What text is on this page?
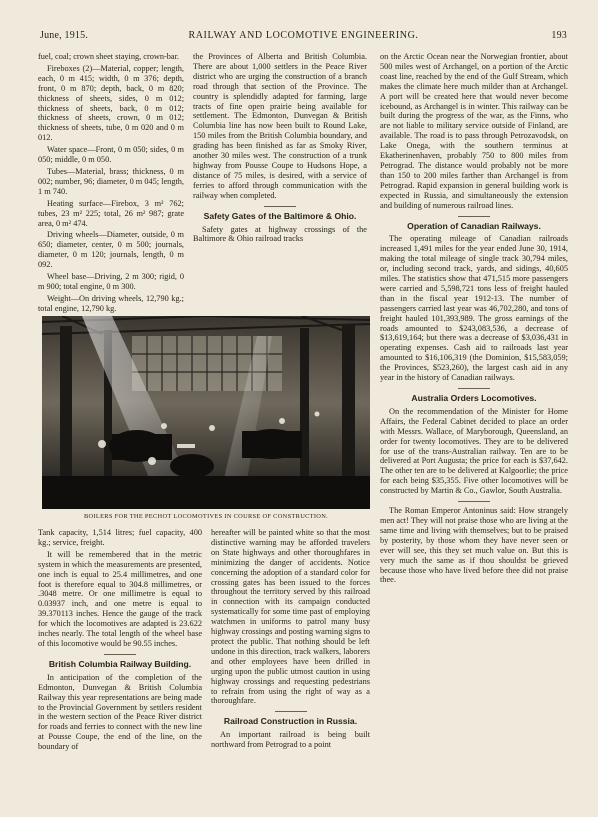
June, 1915.	RAILWAY AND LOCOMOTIVE ENGINEERING.	193

fuel, coal; crown sheet staying, crown-bar.

Fireboxes (2)—Material, copper; length, each, 0 m 415; width, 0 m 376; depth, front, 0 m 870; depth, back, 0 m 820; thickness of sheets, sides, 0 m 012; thickness of sheets, back, 0 m 012; thickness of sheets, crown, 0 m 012; thickness of sheets, tube, 0 m 020 and 0 m 012.

Water space—Front, 0 m 050; sides, 0 m 050; middle, 0 m 050.

Tubes—Material, brass; thickness, 0 m 002; number, 96; diameter, 0 m 045; length, 1 m 740.

Heating surface—Firebox, 3 m² 762; tubes, 23 m² 225; total, 26 m² 987; grate area, 0 m² 474.

Driving wheels—Diameter, outside, 0 m 650; diameter, center, 0 m 500; journals, diameter, 0 m 120; journals, length, 0 m 092.

Wheel base—Driving, 2 m 300; rigid, 0 m 900; total engine, 0 m 300.

Weight—On driving wheels, 12,790 kg.; total engine, 12,790 kg.

the Provinces of Alberta and British Columbia. There are about 1,000 settlers in the Peace River district who are urging the construction of a branch road through that section of the Province. The country is splendidly adapted for farming, large tracts of fine open prairie being available for settlement. The Edmonton, Dunvegan & British Columbia line has now been built to Round Lake, 150 miles from the British Columbia boundary, and grading has been finished as far as Smoky River, another 30 miles west. The construction of a trunk highway from Pousse Coupe to Hudsons Hope, a distance of 75 miles, is desired, with a service of ferries to afford through communication with the railway when completed.

Safety Gates of the Baltimore & Ohio.

Safety gates at highway crossings of the Baltimore & Ohio railroad tracks

on the Arctic Ocean near the Norwegian frontier, about 500 miles west of Archangel, on a portion of the Arctic coast line, reached by the end of the Gulf Stream, which makes the climate here much milder than at Archangel. A port will be created here that would never become icebound, as Archangel is in winter. This railway can be built during the progress of the war, as the Finns, who are not liable to military service outside of Finland, are available. The road is to pass through Petrozavodsk, on Lake Onega, with the southern terminus at Ekatherinenhaven, probably 750 to 800 miles from Petrograd. The distance would probably not be more than 150 to 200 miles farther than Archangel is from Petrograd. Rapid expansion in general building work is expected in Russia, and simultaneously the extension and building of numerous railroad lines.

Operation of Canadian Railways.

The operating mileage of Canadian railroads increased 1,491 miles for the year ended June 30, 1914, making the total mileage of single track 30,794 miles, or, including second track, yards, and sidings, 40,605 miles. The statistics show that 471,515 more passengers were carried and 5,598,721 tons less of freight hauled than in the fiscal year 1912-13. The number of passengers carried last year was 46,702,280, and tons of freight hauled 101,393,989. The gross earnings of the roads amounted to $243,083,536, a decrease of $13,619,164; but there was a decrease of $3,036,431 in operating expenses. Cash aid to railroads last year amounted to $16,106,319 (the Dominion, $15,583,059; the Provinces, $523,260), the largest cash aid in any year in the history of Canadian railways.

Australia Orders Locomotives.

On the recommendation of the Minister for Home Affairs, the Federal Cabinet decided to place an order with Messrs. Wallace, of Maryborough, Queensland, an order for twenty locomotives. They are to be delivered for use of the trans-Australian railway. Ten are to be delivered at Port Augusta; the price for each is $37,642. The other ten are to be delivered at Kalgoorlie; the price for each being $35,355. Five other locomotives will be constructed by Martin & Co., Gawlor, South Australia.

The Roman Emperor Antoninus said: How strangely men act! They will not praise those who are living at the same time and living with themselves; but to be praised by posterity, by those whom they have never seen or ever will see, this they set much value on. But this is very much the same as if thou shouldst be grieved because those who have lived before thee did not praise thee.

BOILERS FOR THE PECHOT LOCOMOTIVES IN COURSE OF CONSTRUCTION.

Tank capacity, 1,514 litres; fuel capacity, 400 kg.; service, freight.

It will be remembered that in the metric system in which the measurements are presented, one inch is equal to 25.4 millimetres, and one foot is therefore equal to 304.8 millimetres, or .3048 metre. Or one millimetre is equal to 0.03937 inch, and one metre is equal to 39.370113 inches. Hence the gauge of the track for which the locomotives are adapted is 23.622 inches nearly. The total length of the wheel base of this locomotive would be 90.55 inches.

British Columbia Railway Building.

In anticipation of the completion of the Edmonton, Dunvegan & British Columbia Railway this year representations are being made to the Provincial Government by settlers resident in the western section of the Peace River district for roads and ferries to connect with the new line at Pousse Coupe, the end of the line, on the boundary of

hereafter will be painted white so that the most distinctive warning may be afforded travelers on State highways and other thoroughfares in minimizing the danger of accidents. Notice concerning the adoption of a standard color for crossing gates has been issued to the forces throughout the territory served by this railroad in connection with its campaign conducted systematically for some time past of employing watchmen in uniforms to patrol many busy highway crossings and posting warning signs to protect the public. That nothing should be left undone in this direction, track walkers, laborers and other employees have been drilled in urging upon the public utmost caution in using highway crossings and requesting pedestrians to refrain from using the right of way as a thoroughfare.

Railroad Construction in Russia.

An important railroad is being built northward from Petrograd to a point
